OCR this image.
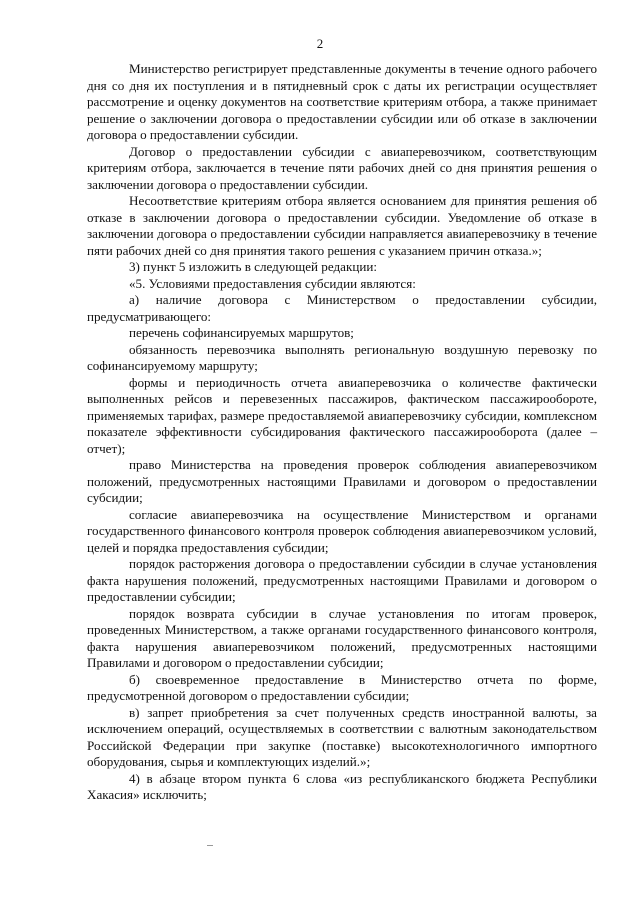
2

Министерство регистрирует представленные документы в течение одного рабочего дня со дня их поступления и в пятидневный срок с даты их регистрации осуществляет рассмотрение и оценку документов на соответствие критериям отбора, а также принимает решение о заключении договора о предоставлении субсидии или об отказе в заключении договора о предоставлении субсидии.

Договор о предоставлении субсидии с авиаперевозчиком, соответствующим критериям отбора, заключается в течение пяти рабочих дней со дня принятия решения о заключении договора о предоставлении субсидии.

Несоответствие критериям отбора является основанием для принятия решения об отказе в заключении договора о предоставлении субсидии. Уведомление об отказе в заключении договора о предоставлении субсидии направляется авиаперевозчику в течение пяти рабочих дней со дня принятия такого решения с указанием причин отказа.»;

3) пункт 5 изложить в следующей редакции:

«5. Условиями предоставления субсидии являются:

а) наличие договора с Министерством о предоставлении субсидии, предусматривающего:

перечень софинансируемых маршрутов;

обязанность перевозчика выполнять региональную воздушную перевозку по софинансируемому маршруту;

формы и периодичность отчета авиаперевозчика о количестве фактически выполненных рейсов и перевезенных пассажиров, фактическом пассажирообороте, применяемых тарифах, размере предоставляемой авиаперевозчику субсидии, комплексном показателе эффективности субсидирования фактического пассажирооборота (далее – отчет);

право Министерства на проведения проверок соблюдения авиаперевозчиком положений, предусмотренных настоящими Правилами и договором о предоставлении субсидии;

согласие авиаперевозчика на осуществление Министерством и органами государственного финансового контроля проверок соблюдения авиаперевозчиком условий, целей и порядка предоставления субсидии;

порядок расторжения договора о предоставлении субсидии в случае установления факта нарушения положений, предусмотренных настоящими Правилами и договором о предоставлении субсидии;

порядок возврата субсидии в случае установления по итогам проверок, проведенных Министерством, а также органами государственного финансового контроля, факта нарушения авиаперевозчиком положений, предусмотренных настоящими Правилами и договором о предоставлении субсидии;

б) своевременное предоставление в Министерство отчета по форме, предусмотренной договором о предоставлении субсидии;

в) запрет приобретения за счет полученных средств иностранной валюты, за исключением операций, осуществляемых в соответствии с валютным законодательством Российской Федерации при закупке (поставке) высокотехнологичного импортного оборудования, сырья и комплектующих изделий.»;

4) в абзаце втором пункта 6 слова «из республиканского бюджета Республики Хакасия» исключить;
